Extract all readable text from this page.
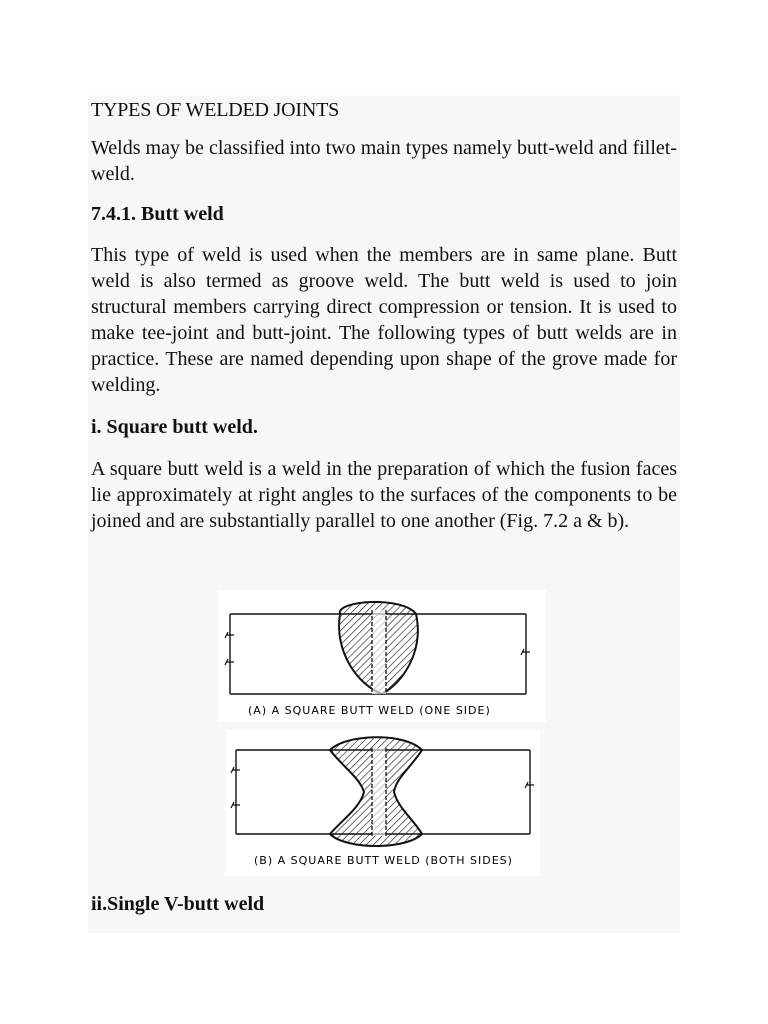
TYPES OF WELDED JOINTS
Welds may be classified into two main types namely butt-weld and fillet-weld.
7.4.1. Butt weld
This type of weld is used when the members are in same plane. Butt weld is also termed as groove weld. The butt weld is used to join structural members carrying direct compression or tension. It is used to make tee-joint and butt-joint. The following types of butt welds are in practice. These are named depending upon shape of the grove made for welding.
i. Square butt weld.
A square butt weld is a weld in the preparation of which the fusion faces lie approximately at right angles to the surfaces of the components to be joined and are substantially parallel to one another (Fig. 7.2 a & b).
(A) A SQUARE BUTT WELD (ONE SIDE)
(B) A SQUARE BUTT WELD (BOTH SIDES)
ii.Single V-butt weld
